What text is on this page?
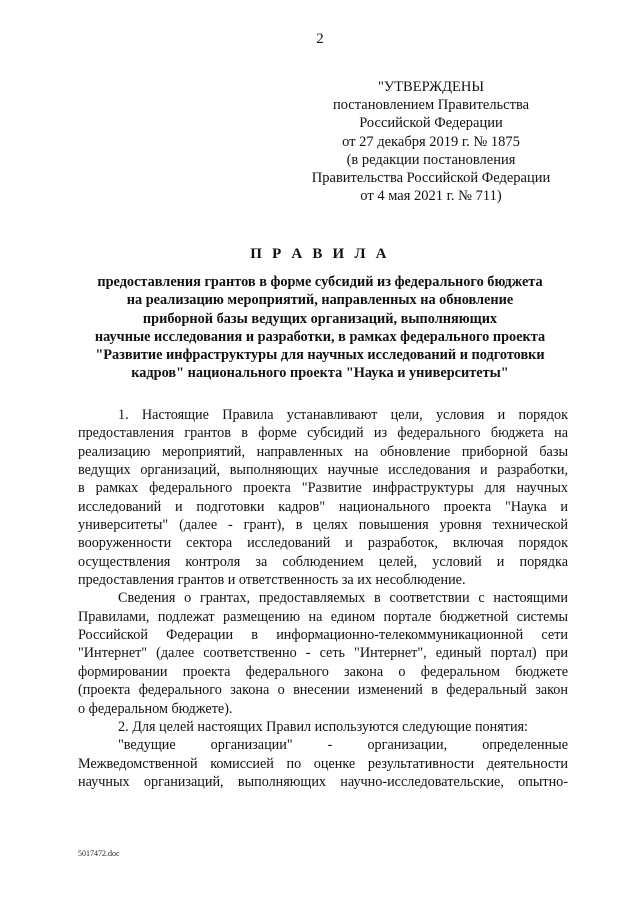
2
"УТВЕРЖДЕНЫ
постановлением Правительства
Российской Федерации
от 27 декабря 2019 г. № 1875
(в редакции постановления
Правительства Российской Федерации
от 4 мая 2021 г. № 711)
П Р А В И Л А
предоставления грантов в форме субсидий из федерального бюджета
на реализацию мероприятий, направленных на обновление
приборной базы ведущих организаций, выполняющих
научные исследования и разработки, в рамках федерального проекта
"Развитие инфраструктуры для научных исследований и подготовки
кадров" национального проекта "Наука и университеты"
1. Настоящие Правила устанавливают цели, условия и порядок
предоставления грантов в форме субсидий из федерального бюджета на
реализацию мероприятий, направленных на обновление приборной базы
ведущих организаций, выполняющих научные исследования и разработки,
в рамках федерального проекта "Развитие инфраструктуры для научных
исследований и подготовки кадров" национального проекта "Наука и
университеты" (далее - грант), в целях повышения уровня технической
вооруженности сектора исследований и разработок, включая порядок
осуществления контроля за соблюдением целей, условий и порядка
предоставления грантов и ответственность за их несоблюдение.
Сведения о грантах, предоставляемых в соответствии с настоящими
Правилами, подлежат размещению на едином портале бюджетной системы
Российской Федерации в информационно-телекоммуникационной сети
"Интернет" (далее соответственно - сеть "Интернет", единый портал) при
формировании проекта федерального закона о федеральном бюджете
(проекта федерального закона о внесении изменений в федеральный закон
о федеральном бюджете).
2. Для целей настоящих Правил используются следующие понятия:
"ведущие организации" - организации, определенные
Межведомственной комиссией по оценке результативности деятельности
научных организаций, выполняющих научно-исследовательские, опытно-
5017472.doc
